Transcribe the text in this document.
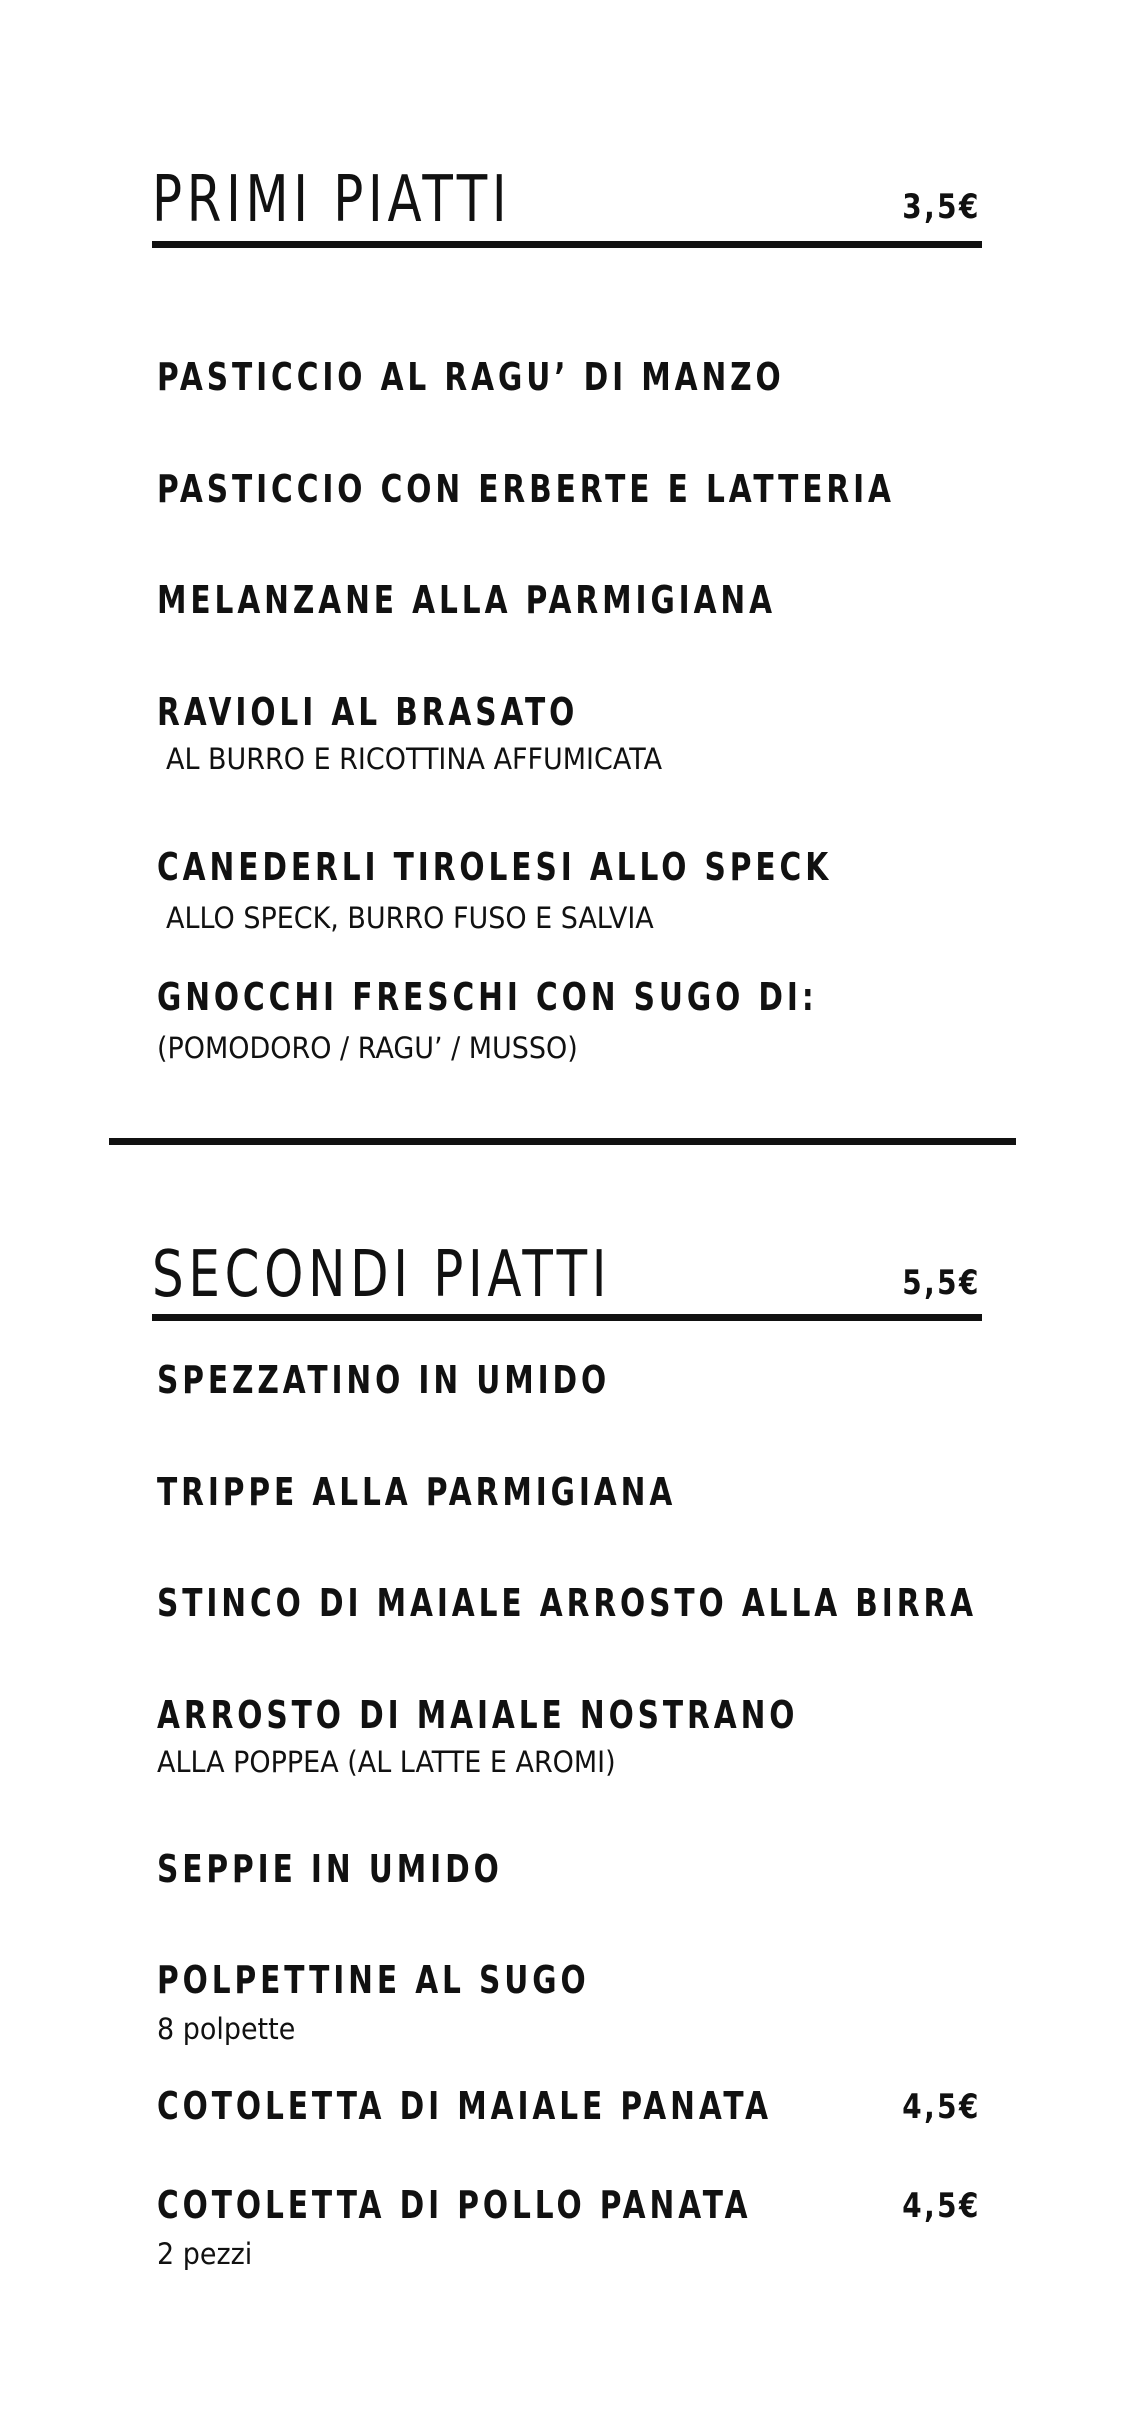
PRIMI PIATTI	3,5€
PASTICCIO AL RAGU’ DI MANZO
PASTICCIO CON ERBERTE E LATTERIA
MELANZANE ALLA PARMIGIANA
RAVIOLI AL BRASATO
AL BURRO E RICOTTINA AFFUMICATA
CANEDERLI TIROLESI ALLO SPECK
ALLO SPECK, BURRO FUSO E SALVIA
GNOCCHI FRESCHI CON SUGO DI:
(POMODORO / RAGU’ / MUSSO)
SECONDI PIATTI	5,5€
SPEZZATINO IN UMIDO
TRIPPE ALLA PARMIGIANA
STINCO DI MAIALE ARROSTO ALLA BIRRA
ARROSTO DI MAIALE NOSTRANO
ALLA POPPEA (AL LATTE E AROMI)
SEPPIE IN UMIDO
POLPETTINE AL SUGO
8 polpette
COTOLETTA DI MAIALE PANATA	4,5€
COTOLETTA DI POLLO PANATA	4,5€
2 pezzi
